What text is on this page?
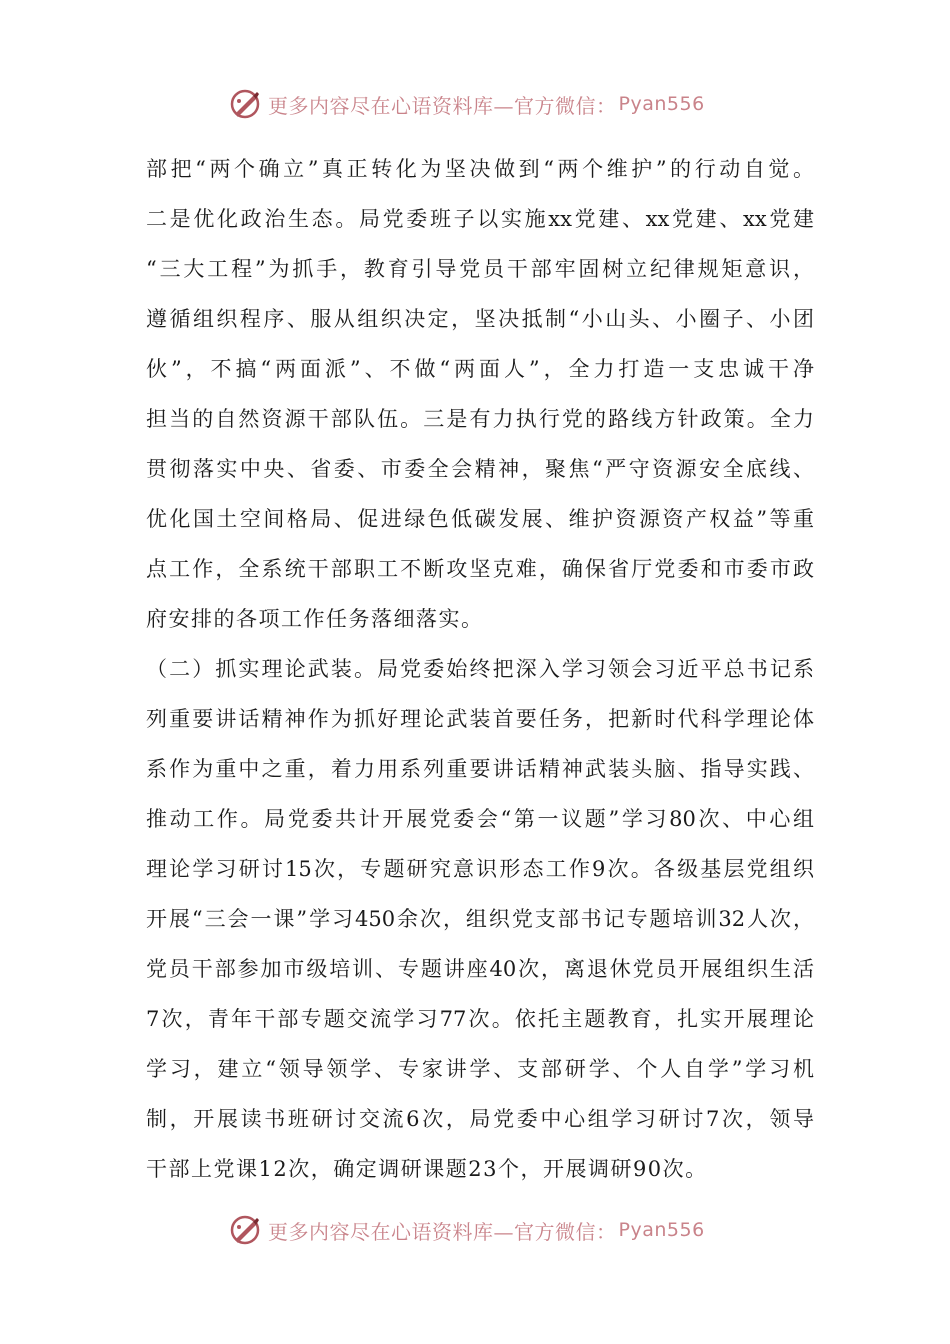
更多内容尽在心语资料库—官方微信： Pyan556
部把“两个确立”真正转化为坚决做到“两个维护”的行动自觉。
二是优化政治生态。局党委班子以实施xx党建、xx党建、xx党建
“三大工程”为抓手，教育引导党员干部牢固树立纪律规矩意识，
遵循组织程序、服从组织决定，坚决抵制“小山头、小圈子、小团
伙”，不搞“两面派”、不做“两面人”，全力打造一支忠诚干净
担当的自然资源干部队伍。三是有力执行党的路线方针政策。全力
贯彻落实中央、省委、市委全会精神，聚焦“严守资源安全底线、
优化国土空间格局、促进绿色低碳发展、维护资源资产权益”等重
点工作，全系统干部职工不断攻坚克难，确保省厅党委和市委市政
府安排的各项工作任务落细落实。
（二）抓实理论武装。局党委始终把深入学习领会习近平总书记系
列重要讲话精神作为抓好理论武装首要任务，把新时代科学理论体
系作为重中之重，着力用系列重要讲话精神武装头脑、指导实践、
推动工作。局党委共计开展党委会“第一议题”学习80次、中心组
理论学习研讨15次，专题研究意识形态工作9次。各级基层党组织
开展“三会一课”学习450余次，组织党支部书记专题培训32人次，
党员干部参加市级培训、专题讲座40次，离退休党员开展组织生活
7次，青年干部专题交流学习77次。依托主题教育，扎实开展理论
学习，建立“领导领学、专家讲学、支部研学、个人自学”学习机
制，开展读书班研讨交流6次，局党委中心组学习研讨7次，领导
干部上党课12次，确定调研课题23个，开展调研90次。
更多内容尽在心语资料库—官方微信： Pyan556
